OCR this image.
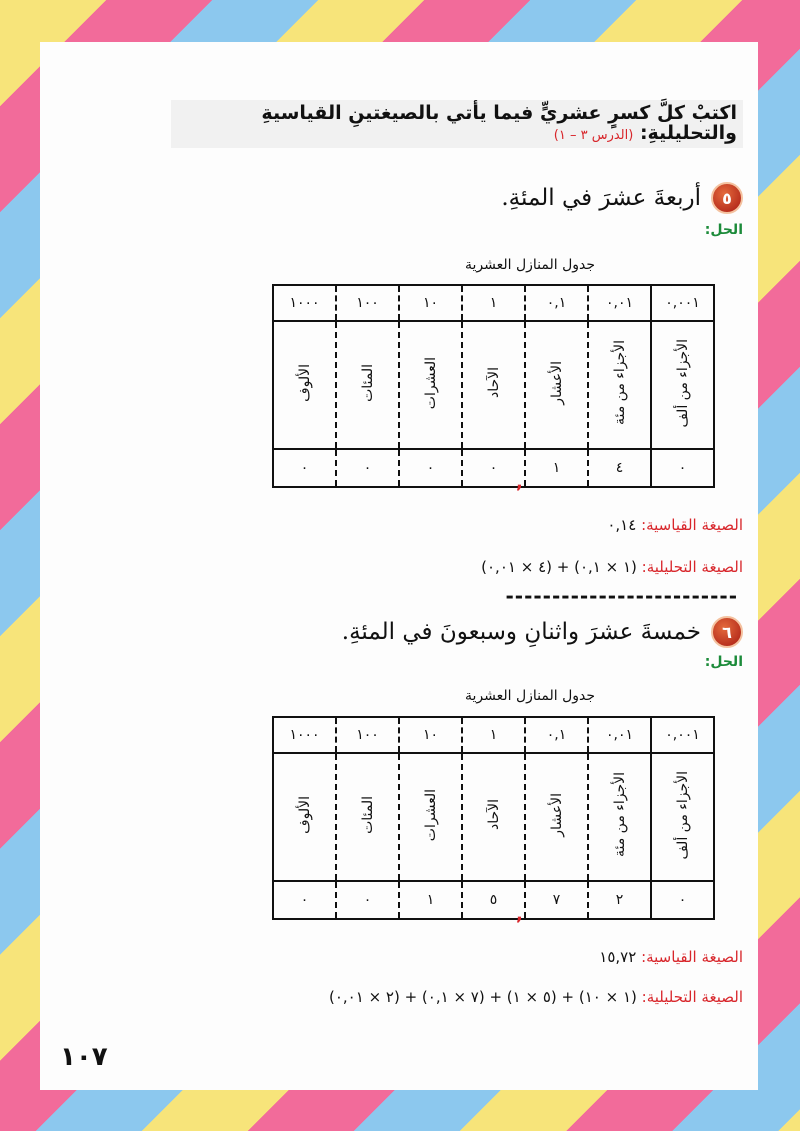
اكتبْ كلَّ كسرٍ عشريٍّ فيما يأتي بالصيغتينِ القياسيةِ والتحليليةِ: (الدرس ٣ – ١)
٥
أربعةَ عشرَ في المئةِ.
الحل:
جدول المنازل العشرية
٠,٠٠١	٠,٠١	٠,١	١	١٠	١٠٠	١٠٠٠
الأجزاء من ألف	الأجزاء من مئة	الأعشار	الآحاد	العشرات	المئات	الألوف
٠	٤	١	٠	٠	٠	٠
,
الصيغة القياسية: ٠,١٤
الصيغة التحليلية: (١ × ٠,١) + (٤ × ٠,٠١)
-------------------------
٦
خمسةَ عشرَ واثنانِ وسبعونَ في المئةِ.
الحل:
جدول المنازل العشرية
٠,٠٠١	٠,٠١	٠,١	١	١٠	١٠٠	١٠٠٠
الأجزاء من ألف	الأجزاء من مئة	الأعشار	الآحاد	العشرات	المئات	الألوف
٠	٢	٧	٥	١	٠	٠
,
الصيغة القياسية: ١٥,٧٢
الصيغة التحليلية: (١ × ١٠) + (٥ × ١) + (٧ × ٠,١) + (٢ × ٠,٠١)
١٠٧
